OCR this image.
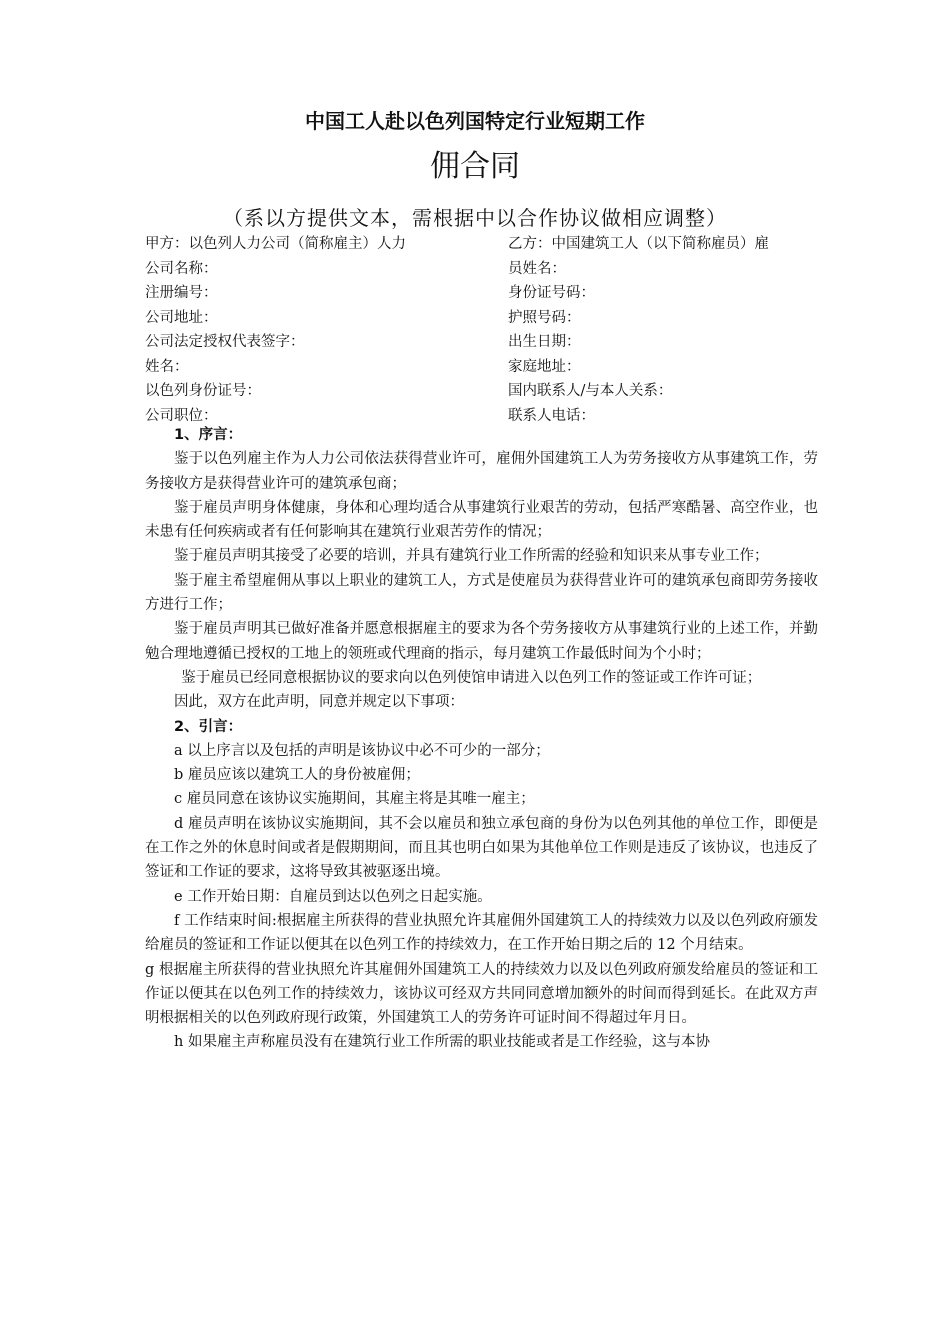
中国工人赴以色列国特定行业短期工作
佣合同
（系以方提供文本，需根据中以合作协议做相应调整）
甲方：以色列人力公司（简称雇主）人力
公司名称：
注册编号：
公司地址：
公司法定授权代表签字：
姓名：
以色列身份证号：
公司职位：
乙方：中国建筑工人（以下简称雇员）雇
员姓名：
身份证号码：
护照号码：
出生日期：
家庭地址：
国内联系人/与本人关系：
联系人电话：

1、序言：

鉴于以色列雇主作为人力公司依法获得营业许可，雇佣外国建筑工人为劳务接收方从事建筑工作，劳务接收方是获得营业许可的建筑承包商；

鉴于雇员声明身体健康，身体和心理均适合从事建筑行业艰苦的劳动，包括严寒酷暑、高空作业，也未患有任何疾病或者有任何影响其在建筑行业艰苦劳作的情况；

鉴于雇员声明其接受了必要的培训，并具有建筑行业工作所需的经验和知识来从事专业工作；

鉴于雇主希望雇佣从事以上职业的建筑工人，方式是使雇员为获得营业许可的建筑承包商即劳务接收方进行工作；

鉴于雇员声明其已做好准备并愿意根据雇主的要求为各个劳务接收方从事建筑行业的上述工作，并勤勉合理地遵循已授权的工地上的领班或代理商的指示，每月建筑工作最低时间为个小时；

鉴于雇员已经同意根据协议的要求向以色列使馆申请进入以色列工作的签证或工作许可证；

因此，双方在此声明，同意并规定以下事项：

2、引言：

a 以上序言以及包括的声明是该协议中必不可少的一部分；

b 雇员应该以建筑工人的身份被雇佣；

c 雇员同意在该协议实施期间，其雇主将是其唯一雇主；

d 雇员声明在该协议实施期间，其不会以雇员和独立承包商的身份为以色列其他的单位工作，即便是在工作之外的休息时间或者是假期期间，而且其也明白如果为其他单位工作则是违反了该协议，也违反了签证和工作证的要求，这将导致其被驱逐出境。

e 工作开始日期：自雇员到达以色列之日起实施。

f 工作结束时间:根据雇主所获得的营业执照允许其雇佣外国建筑工人的持续效力以及以色列政府颁发给雇员的签证和工作证以便其在以色列工作的持续效力，在工作开始日期之后的 12 个月结束。

g 根据雇主所获得的营业执照允许其雇佣外国建筑工人的持续效力以及以色列政府颁发给雇员的签证和工作证以便其在以色列工作的持续效力，该协议可经双方共同同意增加额外的时间而得到延长。在此双方声明根据相关的以色列政府现行政策，外国建筑工人的劳务许可证时间不得超过年月日。

h 如果雇主声称雇员没有在建筑行业工作所需的职业技能或者是工作经验，这与本协
